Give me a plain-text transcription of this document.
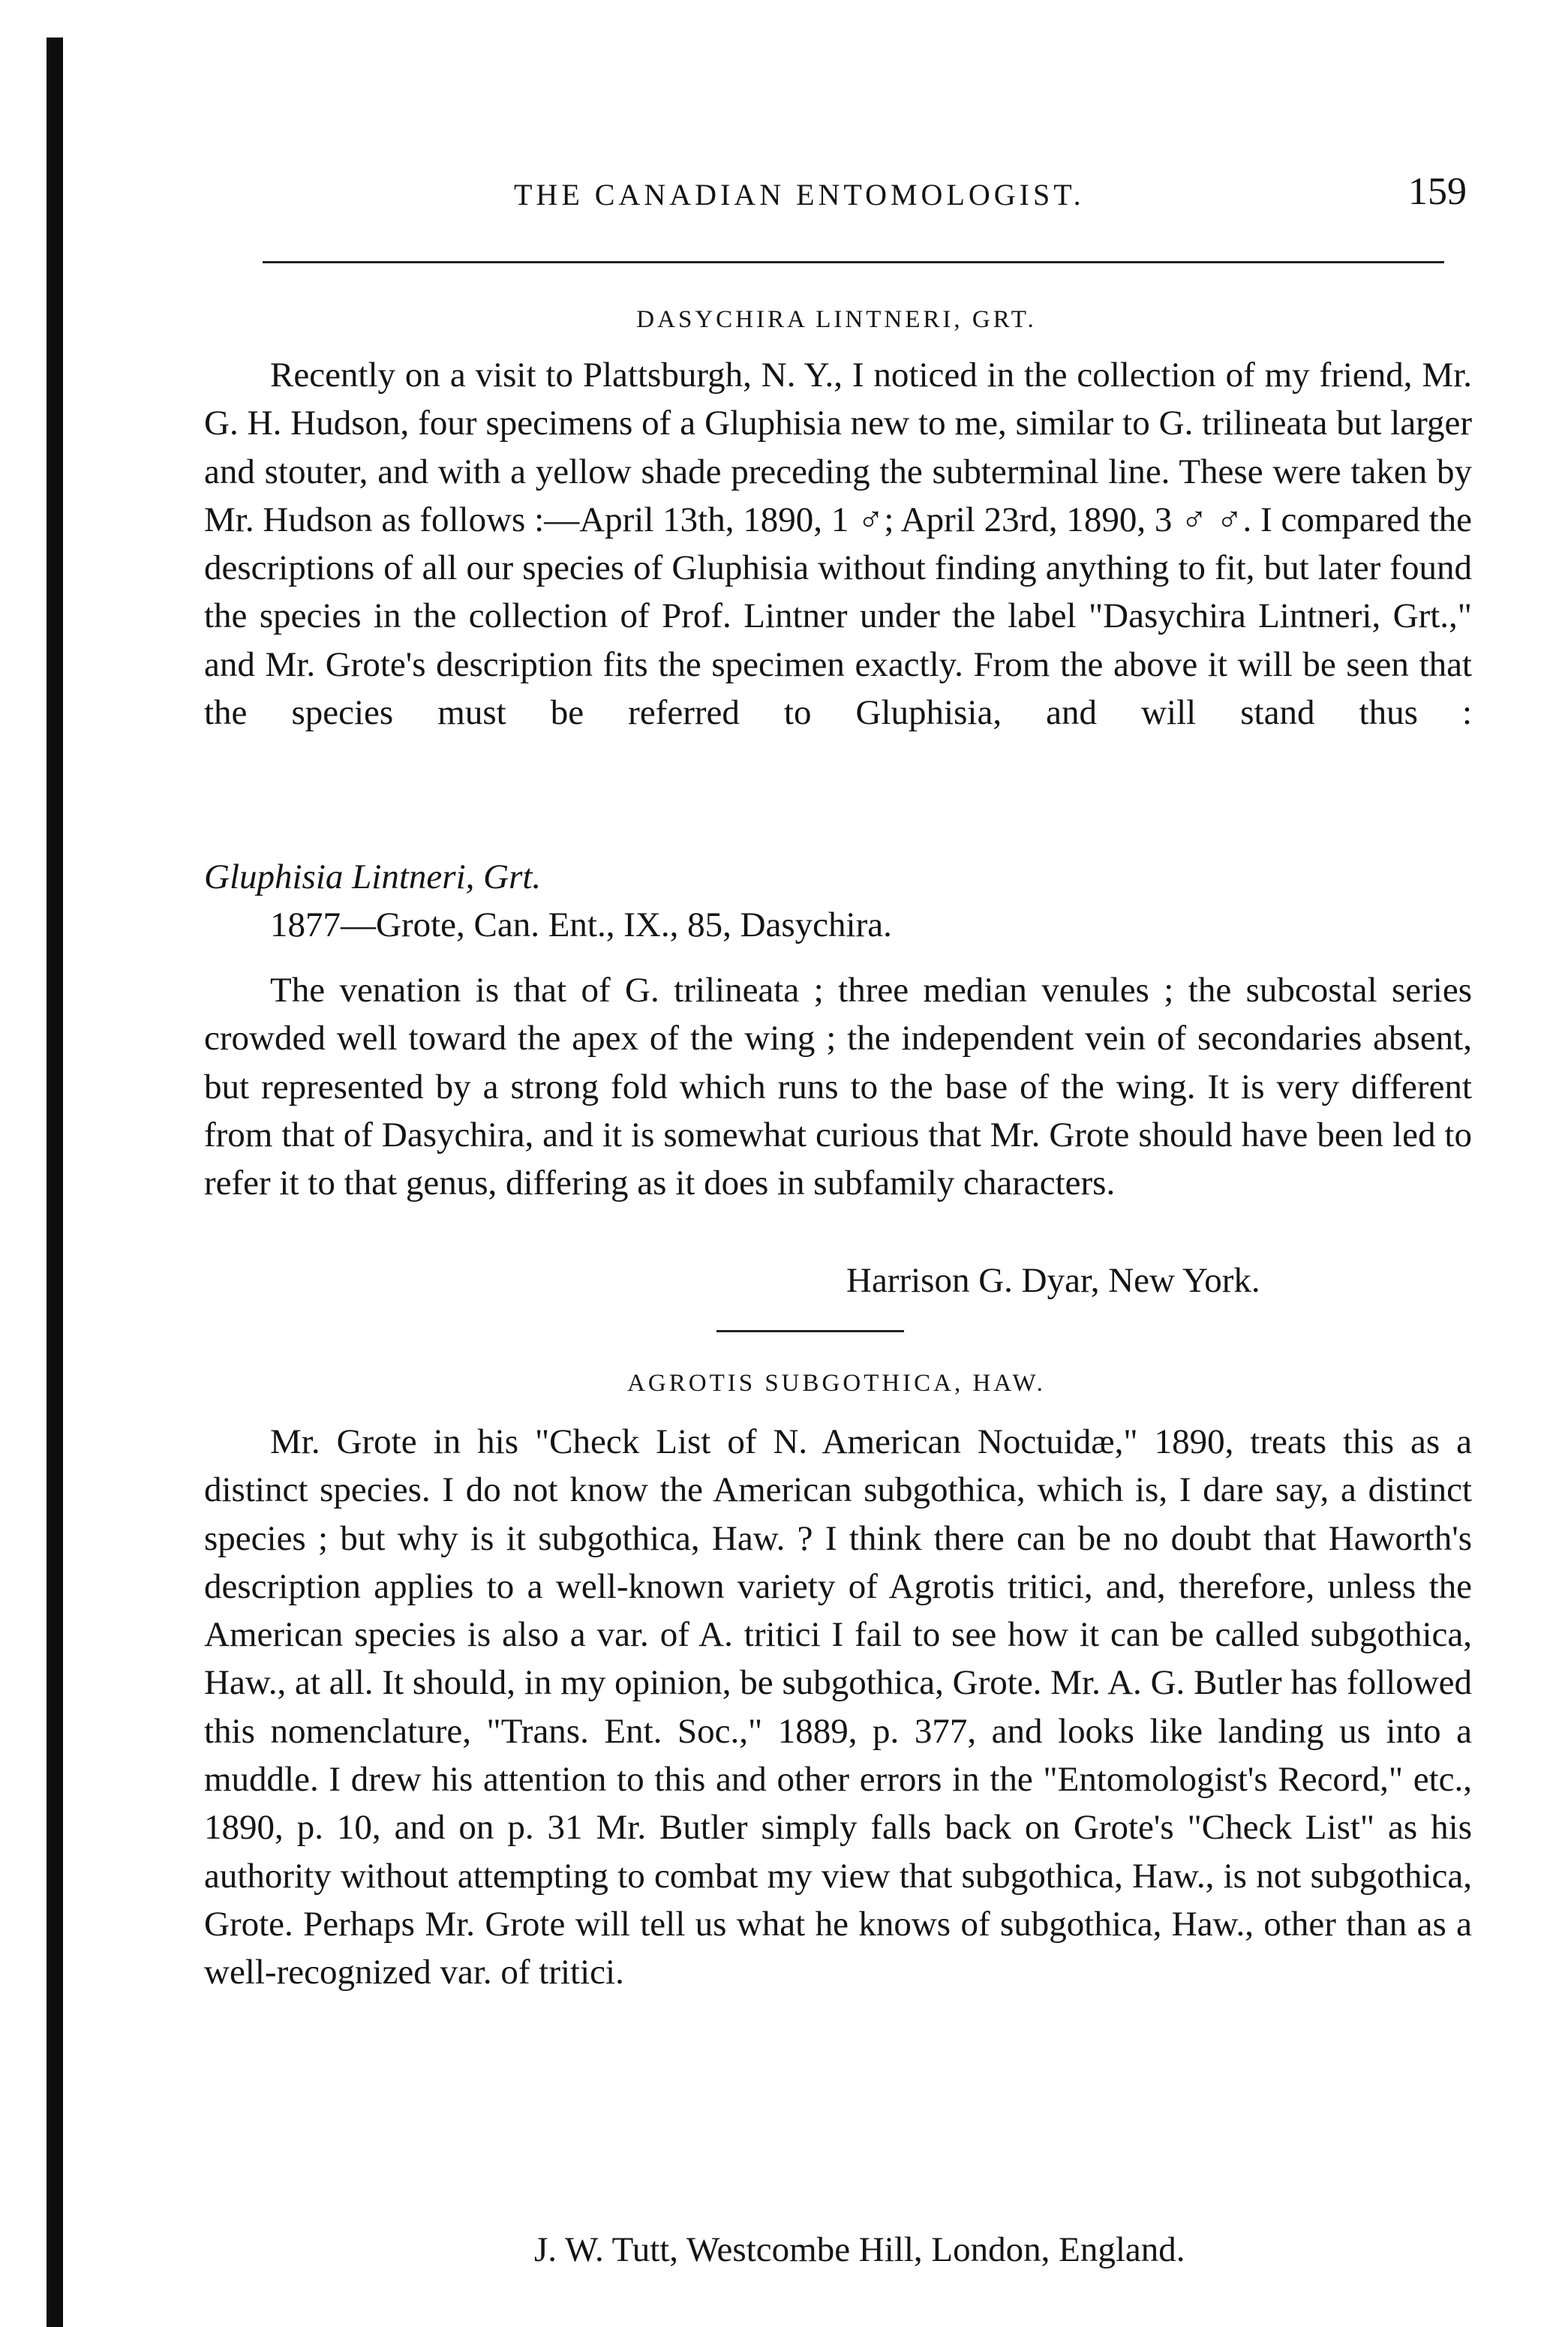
THE CANADIAN ENTOMOLOGIST.	159
DASYCHIRA LINTNERI, GRT.

Recently on a visit to Plattsburgh, N. Y., I noticed in the collection of my friend, Mr. G. H. Hudson, four specimens of a Gluphisia new to me, similar to G. trilineata but larger and stouter, and with a yellow shade preceding the subterminal line. These were taken by Mr. Hudson as follows :—April 13th, 1890, 1 ♂; April 23rd, 1890, 3 ♂ ♂. I compared the descriptions of all our species of Gluphisia without finding anything to fit, but later found the species in the collection of Prof. Lintner under the label "Dasychira Lintneri, Grt.," and Mr. Grote's description fits the specimen exactly. From the above it will be seen that the species must be referred to Gluphisia, and will stand thus :

Gluphisia Lintneri, Grt.
1877—Grote, Can. Ent., IX., 85, Dasychira.

The venation is that of G. trilineata ; three median venules ; the subcostal series crowded well toward the apex of the wing ; the independent vein of secondaries absent, but represented by a strong fold which runs to the base of the wing. It is very different from that of Dasychira, and it is somewhat curious that Mr. Grote should have been led to refer it to that genus, differing as it does in subfamily characters.

Harrison G. Dyar, New York.
AGROTIS SUBGOTHICA, HAW.

Mr. Grote in his "Check List of N. American Noctuidæ," 1890, treats this as a distinct species. I do not know the American subgothica, which is, I dare say, a distinct species ; but why is it subgothica, Haw. ? I think there can be no doubt that Haworth's description applies to a well-known variety of Agrotis tritici, and, therefore, unless the American species is also a var. of A. tritici I fail to see how it can be called subgothica, Haw., at all. It should, in my opinion, be subgothica, Grote. Mr. A. G. Butler has followed this nomenclature, "Trans. Ent. Soc.," 1889, p. 377, and looks like landing us into a muddle. I drew his attention to this and other errors in the "Entomologist's Record," etc., 1890, p. 10, and on p. 31 Mr. Butler simply falls back on Grote's "Check List" as his authority without attempting to combat my view that subgothica, Haw., is not subgothica, Grote. Perhaps Mr. Grote will tell us what he knows of subgothica, Haw., other than as a well-recognized var. of tritici.

J. W. Tutt, Westcombe Hill, London, England.
